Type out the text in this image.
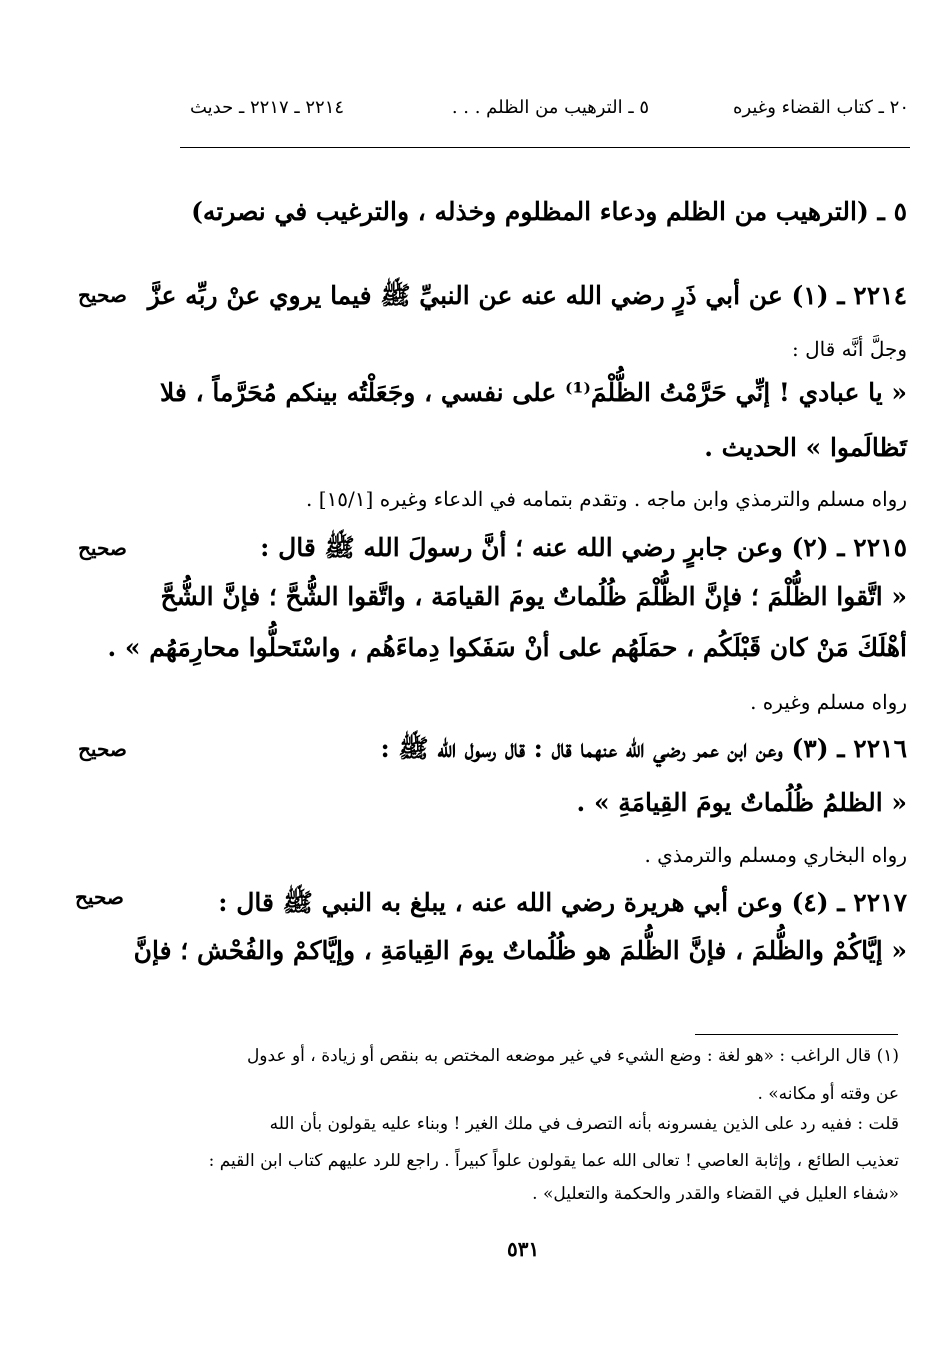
٢٠ ـ كتاب القضاء وغيره
٥ ـ الترهيب من الظلم . . .
٢٢١٤ ـ ٢٢١٧ ـ حديث
٥ ـ (الترهيب من الظلم ودعاء المظلوم وخذله ، والترغيب في نصرته)
صحيح ٢٢١٤ ـ (١) عن أبي ذَرٍ رضي الله عنه عن النبيِّ ﷺ فيما يروي عنْ ربِّه عزَّ
وجلَّ أنَّه قال :
« يا عبادي ! إنِّي حَرَّمْتُ الظُّلْمَ⁽¹⁾ على نفسي ، وجَعَلْتُه بينكم مُحَرَّماً ، فلا
تَظالَموا » الحديث .
رواه مسلم والترمذي وابن ماجه . وتقدم بتمامه في الدعاء وغيره [١٥/١] .
صحيح	٢٢١٥ ـ (٢) وعن جابرٍ رضي الله عنه ؛ أنَّ رسولَ الله ﷺ قال :
« اتَّقوا الظُّلْمَ ؛ فإنَّ الظُّلْمَ ظُلُماتٌ يومَ القيامَة ، واتَّقوا الشُّحَّ ؛ فإنَّ الشُّحَّ
أهْلَكَ مَنْ كان قَبْلَكُم ، حمَلَهُم على أنْ سَفَكوا دِماءَهُم ، واسْتَحلُّوا محارِمَهُم » .
رواه مسلم وغيره .
صحيح	٢٢١٦ ـ (٣) وعن ابن عمر رضي الله عنهما قال : قال رسول الله ﷺ :
« الظلمُ ظُلُماتٌ يومَ القِيامَةِ » .
رواه البخاري ومسلم والترمذي .
صحيح	٢٢١٧ ـ (٤) وعن أبي هريرة رضي الله عنه ، يبلغ به النبي ﷺ قال :
« إيَّاكُمْ والظُّلمَ ، فإنَّ الظُّلمَ هو ظُلُماتٌ يومَ القِيامَةِ ، وإيَّاكمْ والفُحْش ؛ فإنَّ
(١) قال الراغب : «هو لغة : وضع الشيء في غير موضعه المختص به بنقص أو زيادة ، أو عدول
عن وقته أو مكانه» .
قلت : ففيه رد على الذين يفسرونه بأنه التصرف في ملك الغير ! وبناء عليه يقولون بأن الله
تعذيب الطائع ، وإثابة العاصي ! تعالى الله عما يقولون علواً كبيراً . راجع للرد عليهم كتاب ابن القيم :
«شفاء العليل في القضاء والقدر والحكمة والتعليل» .
٥٣١
